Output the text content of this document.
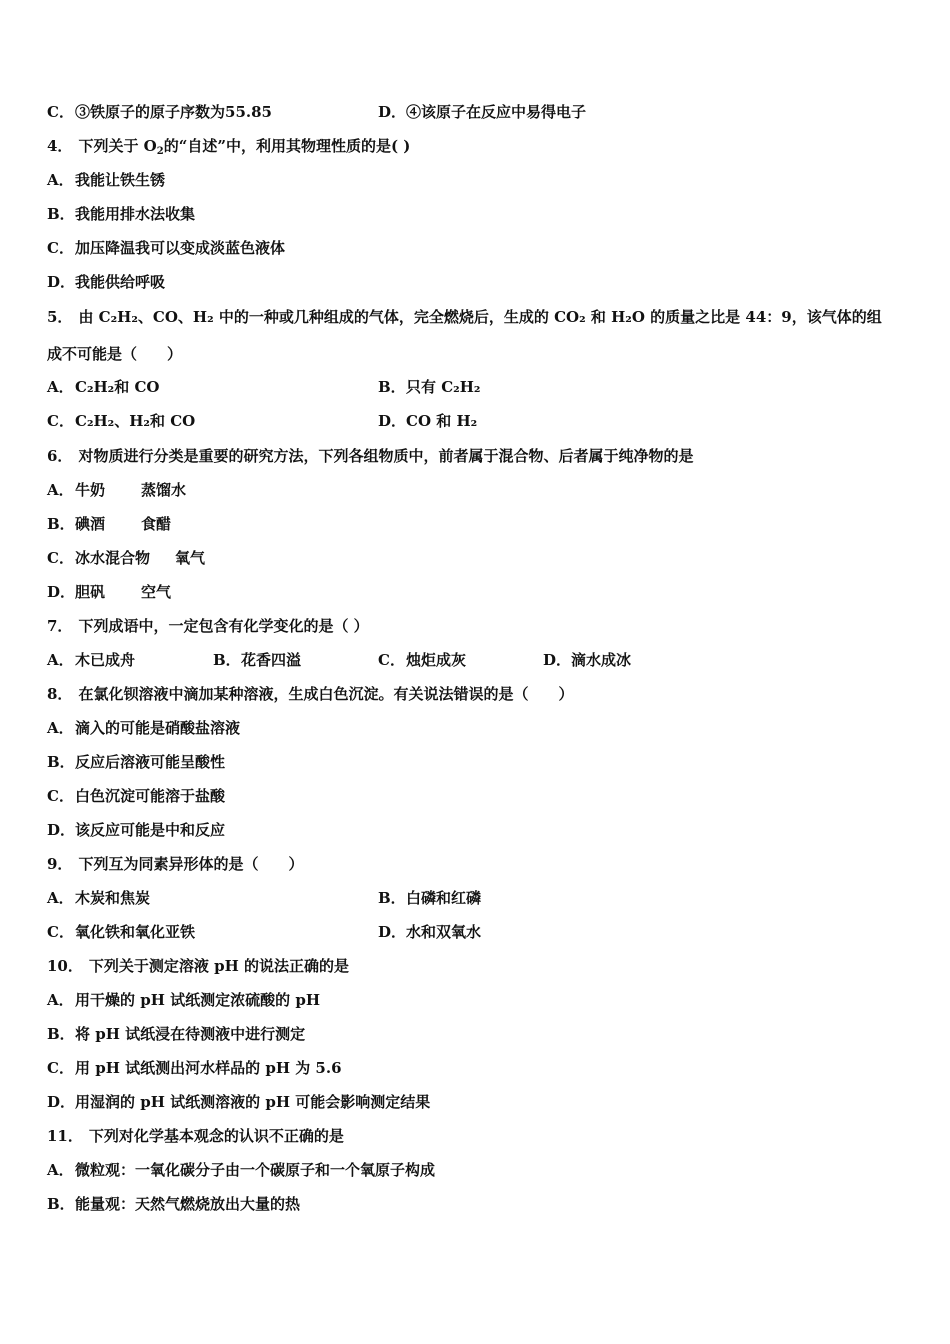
C．③铁原子的原子序数为55.85	D．④该原子在反应中易得电子
4． 下列关于 $O_2$的“自述”中，利用其物理性质的是( )
A．我能让铁生锈
B．我能用排水法收集
C．加压降温我可以变成淡蓝色液体
D．我能供给呼吸
5． 由 C₂H₂、CO、H₂ 中的一种或几种组成的气体，完全燃烧后，生成的 CO₂ 和 H₂O 的质量之比是 44：9，该气体的组
成不可能是（　　）
A．C₂H₂和 CO	B．只有 C₂H₂
C．C₂H₂、H₂和 CO	D．CO 和 H₂
6． 对物质进行分类是重要的研究方法，下列各组物质中，前者属于混合物、后者属于纯净物的是
A．牛奶 蒸馏水
B．碘酒 食醋
C．冰水混合物 氧气
D．胆矾 空气
7． 下列成语中，一定包含有化学变化的是（ ）
A．木已成舟	B．花香四溢	C．烛炬成灰	D．滴水成冰
8． 在氯化钡溶液中滴加某种溶液，生成白色沉淀。有关说法错误的是（　　）
A．滴入的可能是硝酸盐溶液
B．反应后溶液可能呈酸性
C．白色沉淀可能溶于盐酸
D．该反应可能是中和反应
9． 下列互为同素异形体的是（　　）
A．木炭和焦炭	B．白磷和红磷
C．氧化铁和氧化亚铁	D．水和双氧水
10． 下列关于测定溶液 pH 的说法正确的是
A．用干燥的 pH 试纸测定浓硫酸的 pH
B．将 pH 试纸浸在待测液中进行测定
C．用 pH 试纸测出河水样品的 pH 为 5.6
D．用湿润的 pH 试纸测溶液的 pH 可能会影响测定结果
11． 下列对化学基本观念的认识不正确的是
A．微粒观：一氧化碳分子由一个碳原子和一个氧原子构成
B．能量观：天然气燃烧放出大量的热
